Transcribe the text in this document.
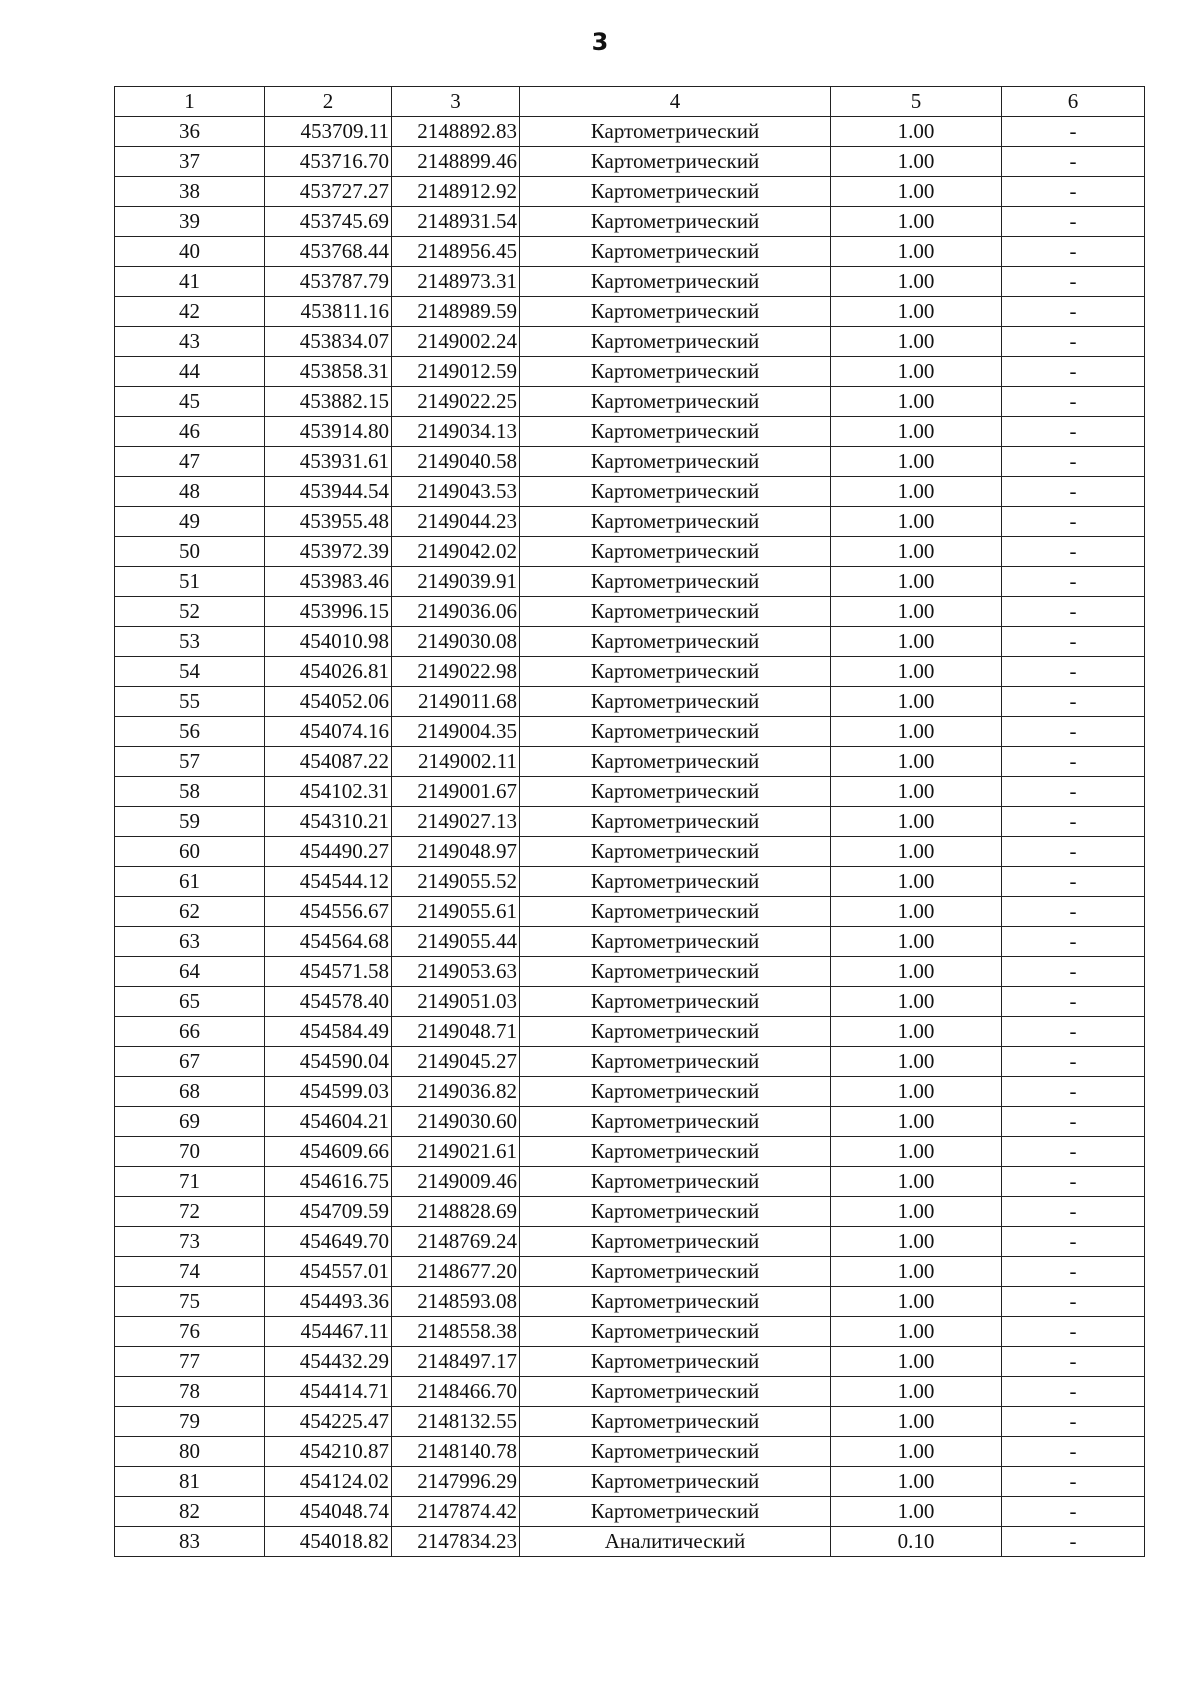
3
1	2	3	4	5	6
36	453709.11	2148892.83	Картометрический	1.00	-
37	453716.70	2148899.46	Картометрический	1.00	-
38	453727.27	2148912.92	Картометрический	1.00	-
39	453745.69	2148931.54	Картометрический	1.00	-
40	453768.44	2148956.45	Картометрический	1.00	-
41	453787.79	2148973.31	Картометрический	1.00	-
42	453811.16	2148989.59	Картометрический	1.00	-
43	453834.07	2149002.24	Картометрический	1.00	-
44	453858.31	2149012.59	Картометрический	1.00	-
45	453882.15	2149022.25	Картометрический	1.00	-
46	453914.80	2149034.13	Картометрический	1.00	-
47	453931.61	2149040.58	Картометрический	1.00	-
48	453944.54	2149043.53	Картометрический	1.00	-
49	453955.48	2149044.23	Картометрический	1.00	-
50	453972.39	2149042.02	Картометрический	1.00	-
51	453983.46	2149039.91	Картометрический	1.00	-
52	453996.15	2149036.06	Картометрический	1.00	-
53	454010.98	2149030.08	Картометрический	1.00	-
54	454026.81	2149022.98	Картометрический	1.00	-
55	454052.06	2149011.68	Картометрический	1.00	-
56	454074.16	2149004.35	Картометрический	1.00	-
57	454087.22	2149002.11	Картометрический	1.00	-
58	454102.31	2149001.67	Картометрический	1.00	-
59	454310.21	2149027.13	Картометрический	1.00	-
60	454490.27	2149048.97	Картометрический	1.00	-
61	454544.12	2149055.52	Картометрический	1.00	-
62	454556.67	2149055.61	Картометрический	1.00	-
63	454564.68	2149055.44	Картометрический	1.00	-
64	454571.58	2149053.63	Картометрический	1.00	-
65	454578.40	2149051.03	Картометрический	1.00	-
66	454584.49	2149048.71	Картометрический	1.00	-
67	454590.04	2149045.27	Картометрический	1.00	-
68	454599.03	2149036.82	Картометрический	1.00	-
69	454604.21	2149030.60	Картометрический	1.00	-
70	454609.66	2149021.61	Картометрический	1.00	-
71	454616.75	2149009.46	Картометрический	1.00	-
72	454709.59	2148828.69	Картометрический	1.00	-
73	454649.70	2148769.24	Картометрический	1.00	-
74	454557.01	2148677.20	Картометрический	1.00	-
75	454493.36	2148593.08	Картометрический	1.00	-
76	454467.11	2148558.38	Картометрический	1.00	-
77	454432.29	2148497.17	Картометрический	1.00	-
78	454414.71	2148466.70	Картометрический	1.00	-
79	454225.47	2148132.55	Картометрический	1.00	-
80	454210.87	2148140.78	Картометрический	1.00	-
81	454124.02	2147996.29	Картометрический	1.00	-
82	454048.74	2147874.42	Картометрический	1.00	-
83	454018.82	2147834.23	Аналитический	0.10	-
